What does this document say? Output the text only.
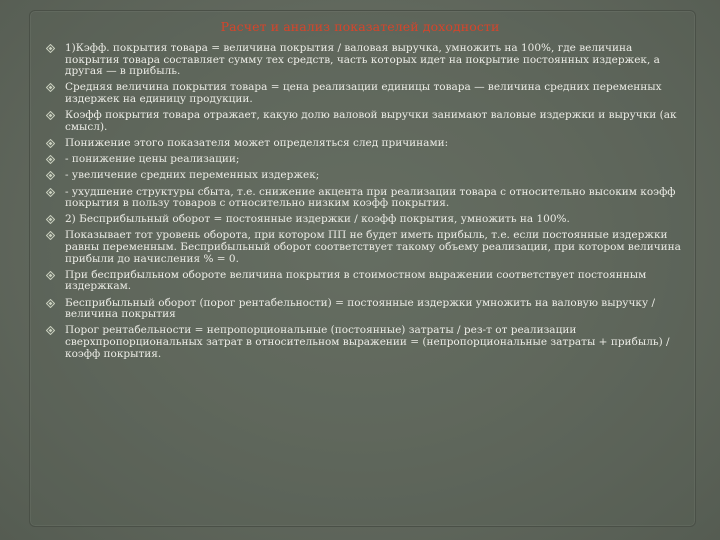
Расчет и анализ показателей доходности
1)Кэфф. покрытия товара = величина покрытия / валовая выручка, умножить на 100%, где величина покрытия товара составляет сумму тех средств, часть которых идет на покрытие постоянных издержек, а другая — в прибыль.
Средняя величина покрытия товара = цена реализации единицы товара — величина средних переменных издержек на единицу продукции.
Коэфф покрытия товара отражает, какую долю валовой выручки занимают валовые издержки и выручки (ак смысл).
Понижение этого показателя может определяться след причинами:
- понижение цены реализации;
- увеличение средних переменных издержек;
- ухудшение структуры сбыта, т.е. снижение акцента при реализации товара с относительно высоким коэфф покрытия в пользу товаров с относительно низким коэфф покрытия.
2) Бесприбыльный оборот = постоянные издержки / коэфф покрытия, умножить на 100%.
Показывает тот уровень оборота, при котором ПП не будет иметь прибыль, т.е. если постоянные издержки равны переменным. Бесприбыльный оборот соответствует такому объему реализации, при котором величина прибыли до начисления % = 0.
При бесприбыльном обороте величина покрытия в стоимостном выражении соответствует постоянным издержкам.
Бесприбыльный оборот (порог рентабельности) = постоянные издержки умножить на валовую выручку / величина покрытия
Порог рентабельности = непропорциональные (постоянные) затраты / рез-т от реализации сверхпропорциональных затрат в относительном выражении = (непропорциональные затраты + прибыль) / коэфф покрытия.
